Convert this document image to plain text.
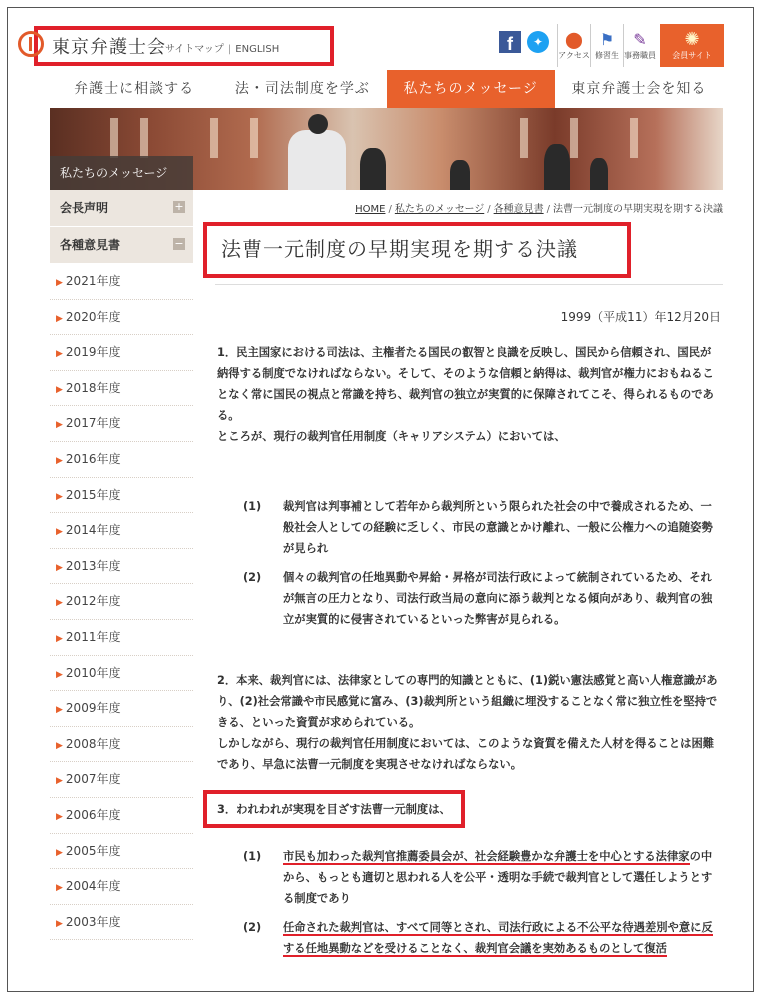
東京弁護士会 サイトマップ | ENGLISH	f	✦	⬤
アクセス
⚑
修習生
✎
事務職員
✺
会員サイト
弁護士に相談する	法・司法制度を学ぶ	私たちのメッセージ	東京弁護士会を知る
私たちのメッセージ
会長声明	+
各種意見書	−
▶ 2021年度
▶ 2020年度
▶ 2019年度
▶ 2018年度
▶ 2017年度
▶ 2016年度
▶ 2015年度
▶ 2014年度
▶ 2013年度
▶ 2012年度
▶ 2011年度
▶ 2010年度
▶ 2009年度
▶ 2008年度
▶ 2007年度
▶ 2006年度
▶ 2005年度
▶ 2004年度
▶ 2003年度
HOME / 私たちのメッセージ / 各種意見書 / 法曹一元制度の早期実現を期する決議
法曹一元制度の早期実現を期する決議
1999（平成11）年12月20日

1．民主国家における司法は、主権者たる国民の叡智と良識を反映し、国民から信頼され、国民が納得する制度でなければならない。そして、そのような信頼と納得は、裁判官が権力におもねることなく常に国民の視点と常識を持ち、裁判官の独立が実質的に保障されてこそ、得られるものである。

ところが、現行の裁判官任用制度（キャリアシステム）においては、

(1)	裁判官は判事補として若年から裁判所という限られた社会の中で養成されるため、一般社会人としての経験に乏しく、市民の意識とかけ離れ、一般に公権力への追随姿勢が見られ
(2)	個々の裁判官の任地異動や昇給・昇格が司法行政によって統制されているため、それが無言の圧力となり、司法行政当局の意向に添う裁判となる傾向があり、裁判官の独立が実質的に侵害されているといった弊害が見られる。

2．本来、裁判官には、法律家としての専門的知識とともに、(1)鋭い憲法感覚と高い人権意識があり、(2)社会常識や市民感覚に富み、(3)裁判所という組織に埋没することなく常に独立性を堅持できる、といった資質が求められている。

しかしながら、現行の裁判官任用制度においては、このような資質を備えた人材を得ることは困難であり、早急に法曹一元制度を実現させなければならない。

3．われわれが実現を目ざす法曹一元制度は、

(1)	市民も加わった裁判官推薦委員会が、社会経験豊かな弁護士を中心とする法律家の中から、もっとも適切と思われる人を公平・透明な手続で裁判官として選任しようとする制度であり
(2)	任命された裁判官は、すべて同等とされ、司法行政による不公平な待遇差別や意に反する任地異動などを受けることなく、裁判官会議を実効あるものとして復活
